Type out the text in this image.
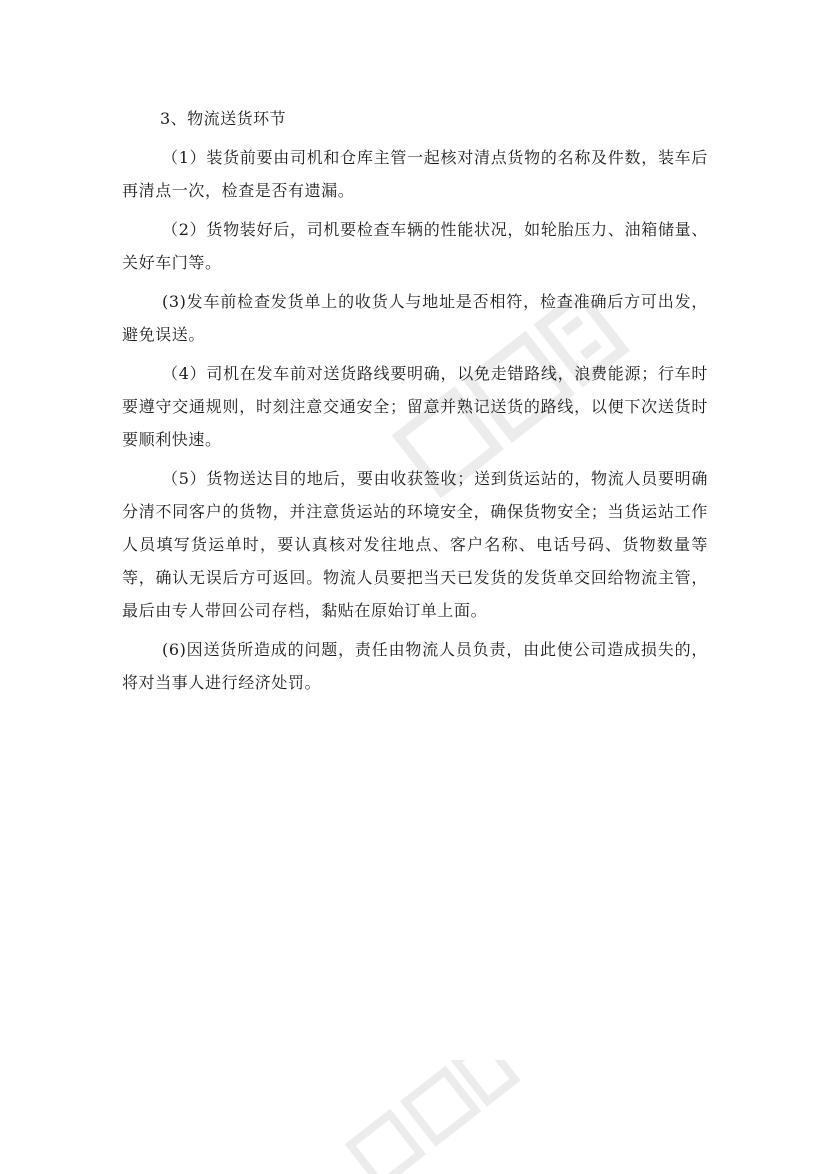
3、物流送货环节

（1）装货前要由司机和仓库主管一起核对清点货物的名称及件数，装车后再清点一次，检查是否有遗漏。

（2）货物装好后，司机要检查车辆的性能状况，如轮胎压力、油箱储量、关好车门等。

(3)发车前检查发货单上的收货人与地址是否相符，检查准确后方可出发，避免误送。

（4）司机在发车前对送货路线要明确，以免走错路线，浪费能源；行车时要遵守交通规则，时刻注意交通安全；留意并熟记送货的路线，以便下次送货时要顺利快速。

（5）货物送达目的地后，要由收获签收；送到货运站的，物流人员要明确分清不同客户的货物，并注意货运站的环境安全，确保货物安全；当货运站工作人员填写货运单时，要认真核对发往地点、客户名称、电话号码、货物数量等等，确认无误后方可返回。物流人员要把当天已发货的发货单交回给物流主管，最后由专人带回公司存档，黏贴在原始订单上面。

(6)因送货所造成的问题，责任由物流人员负责，由此使公司造成损失的，将对当事人进行经济处罚。
